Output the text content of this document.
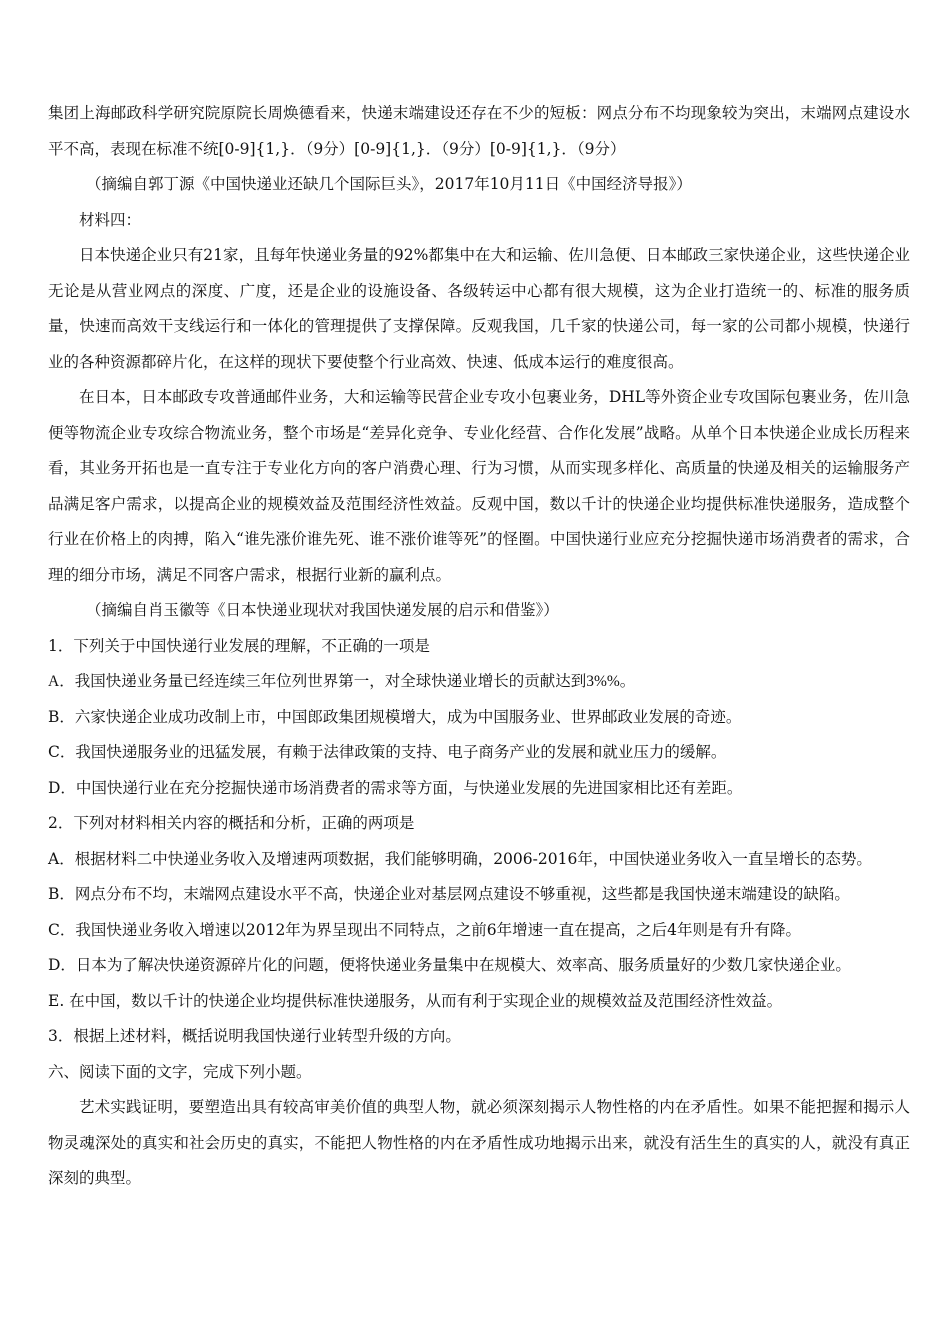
集团上海邮政科学研究院原院长周焕德看来，快递末端建设还存在不少的短板：网点分布不均现象较为突出，末端网点建设水平不高，表现在标准不统[0-9]{1,}．（9分）[0-9]{1,}．（9分）[0-9]{1,}．（9分）

（摘编自郭丁源《中国快递业还缺几个国际巨头》，2017年10月11日《中国经济导报》）

材料四：

日本快递企业只有21家，且每年快递业务量的92%都集中在大和运输、佐川急便、日本邮政三家快递企业，这些快递企业无论是从营业网点的深度、广度，还是企业的设施设备、各级转运中心都有很大规模，这为企业打造统一的、标准的服务质量，快速而高效干支线运行和一体化的管理提供了支撑保障。反观我国，几千家的快递公司，每一家的公司都小规模，快递行业的各种资源都碎片化，在这样的现状下要使整个行业高效、快速、低成本运行的难度很高。

在日本，日本邮政专攻普通邮件业务，大和运输等民营企业专攻小包裹业务，DHL等外资企业专攻国际包裹业务，佐川急便等物流企业专攻综合物流业务，整个市场是“差异化竞争、专业化经营、合作化发展”战略。从单个日本快递企业成长历程来看，其业务开拓也是一直专注于专业化方向的客户消费心理、行为习惯，从而实现多样化、高质量的快递及相关的运输服务产品满足客户需求，以提高企业的规模效益及范围经济性效益。反观中国，数以千计的快递企业均提供标准快递服务，造成整个行业在价格上的肉搏，陷入“谁先涨价谁先死、谁不涨价谁等死”的怪圈。中国快递行业应充分挖掘快递市场消费者的需求，合理的细分市场，满足不同客户需求，根据行业新的赢利点。

（摘编自肖玉徽等《日本快递业现状对我国快递发展的启示和借鉴》）

1．下列关于中国快递行业发展的理解，不正确的一项是

A．我国快递业务量已经连续三年位列世界第一，对全球快递业增长的贡献达到3%%。

B．六家快递企业成功改制上市，中国郎政集团规模增大，成为中国服务业、世界邮政业发展的奇迹。

C．我国快递服务业的迅猛发展，有赖于法律政策的支持、电子商务产业的发展和就业压力的缓解。

D．中国快递行业在充分挖掘快递市场消费者的需求等方面，与快递业发展的先进国家相比还有差距。

2．下列对材料相关内容的概括和分析，正确的两项是

A．根据材料二中快递业务收入及增速两项数据，我们能够明确，2006-2016年，中国快递业务收入一直呈增长的态势。

B．网点分布不均，末端网点建设水平不高，快递企业对基层网点建设不够重视，这些都是我国快递末端建设的缺陷。

C．我国快递业务收入增速以2012年为界呈现出不同特点，之前6年增速一直在提高，之后4年则是有升有降。

D．日本为了解决快递资源碎片化的问题，便将快递业务量集中在规模大、效率高、服务质量好的少数几家快递企业。

E. 在中国，数以千计的快递企业均提供标准快递服务，从而有利于实现企业的规模效益及范围经济性效益。

3．根据上述材料，概括说明我国快递行业转型升级的方向。

六、阅读下面的文字，完成下列小题。

艺术实践证明，要塑造出具有较高审美价值的典型人物，就必须深刻揭示人物性格的内在矛盾性。如果不能把握和揭示人物灵魂深处的真实和社会历史的真实，不能把人物性格的内在矛盾性成功地揭示出来，就没有活生生的真实的人，就没有真正深刻的典型。
